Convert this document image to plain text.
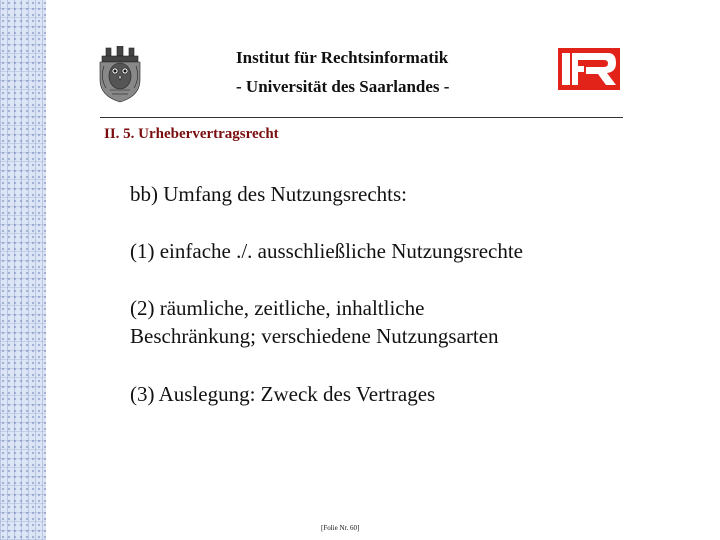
Institut für Rechtsinformatik
- Universität des Saarlandes -
II. 5. Urhebervertragsrecht
bb) Umfang des Nutzungsrechts:
(1) einfache ./. ausschließliche Nutzungsrechte
(2) räumliche, zeitliche, inhaltliche
Beschränkung; verschiedene Nutzungsarten
(3) Auslegung: Zweck des Vertrages
[Folie Nr. 60]
